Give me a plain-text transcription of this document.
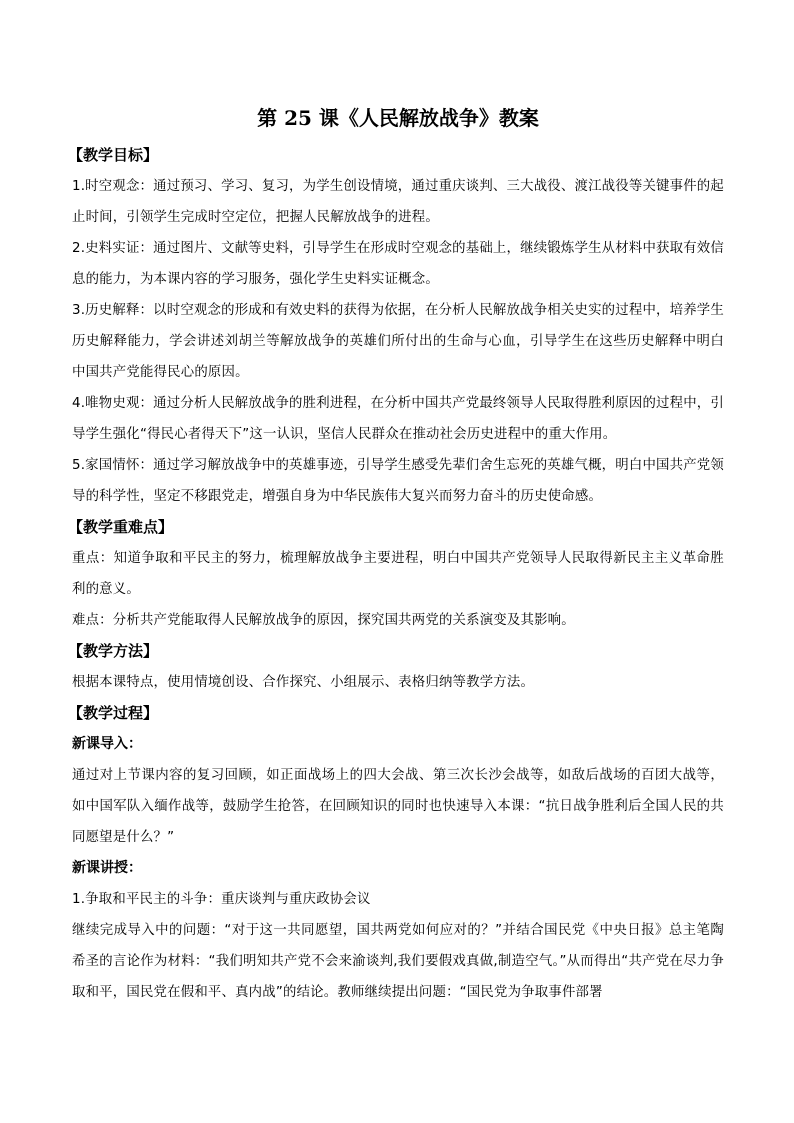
第 25 课《人民解放战争》教案

【教学目标】

1.时空观念：通过预习、学习、复习，为学生创设情境，通过重庆谈判、三大战役、渡江战役等关键事件的起止时间，引领学生完成时空定位，把握人民解放战争的进程。

2.史料实证：通过图片、文献等史料，引导学生在形成时空观念的基础上，继续锻炼学生从材料中获取有效信息的能力，为本课内容的学习服务，强化学生史料实证概念。

3.历史解释：以时空观念的形成和有效史料的获得为依据，在分析人民解放战争相关史实的过程中，培养学生历史解释能力，学会讲述刘胡兰等解放战争的英雄们所付出的生命与心血，引导学生在这些历史解释中明白中国共产党能得民心的原因。

4.唯物史观：通过分析人民解放战争的胜利进程，在分析中国共产党最终领导人民取得胜利原因的过程中，引导学生强化“得民心者得天下”这一认识，坚信人民群众在推动社会历史进程中的重大作用。

5.家国情怀：通过学习解放战争中的英雄事迹，引导学生感受先辈们舍生忘死的英雄气概，明白中国共产党领导的科学性，坚定不移跟党走，增强自身为中华民族伟大复兴而努力奋斗的历史使命感。

【教学重难点】

重点：知道争取和平民主的努力，梳理解放战争主要进程，明白中国共产党领导人民取得新民主主义革命胜利的意义。

难点：分析共产党能取得人民解放战争的原因，探究国共两党的关系演变及其影响。

【教学方法】

根据本课特点，使用情境创设、合作探究、小组展示、表格归纳等教学方法。

【教学过程】

新课导入：

通过对上节课内容的复习回顾，如正面战场上的四大会战、第三次长沙会战等，如敌后战场的百团大战等，如中国军队入缅作战等，鼓励学生抢答，在回顾知识的同时也快速导入本课：“抗日战争胜利后全国人民的共同愿望是什么？”

新课讲授：

1.争取和平民主的斗争：重庆谈判与重庆政协会议

继续完成导入中的问题：“对于这一共同愿望，国共两党如何应对的？”并结合国民党《中央日报》总主笔陶希圣的言论作为材料：“我们明知共产党不会来渝谈判,我们要假戏真做,制造空气。”从而得出“共产党在尽力争取和平，国民党在假和平、真内战”的结论。教师继续提出问题：“国民党为争取事件部署
